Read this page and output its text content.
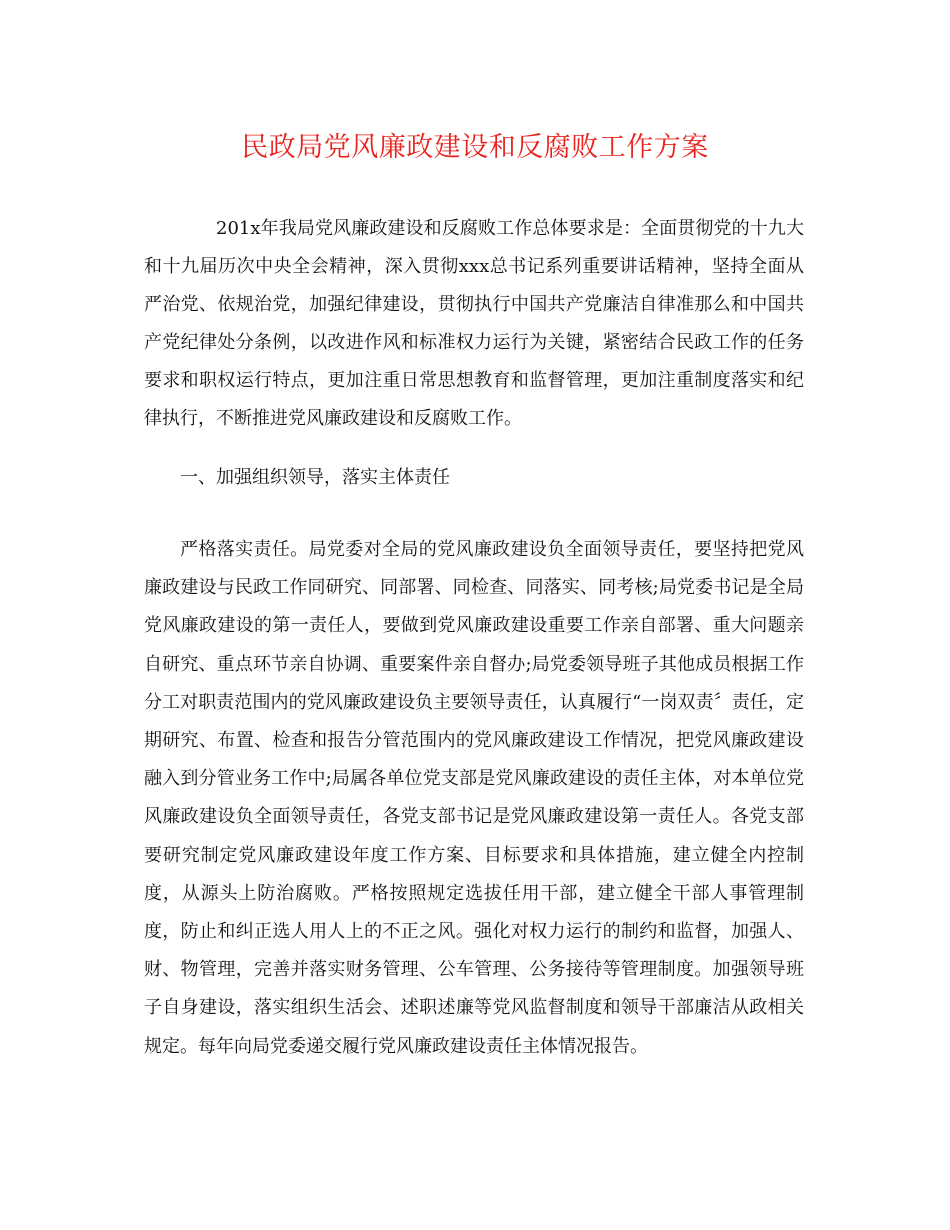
民政局党风廉政建设和反腐败工作方案

201x年我局党风廉政建设和反腐败工作总体要求是：全面贯彻党的十九大和十九届历次中央全会精神，深入贯彻xxx总书记系列重要讲话精神，坚持全面从严治党、依规治党，加强纪律建设，贯彻执行中国共产党廉洁自律准那么和中国共产党纪律处分条例，以改进作风和标准权力运行为关键，紧密结合民政工作的任务要求和职权运行特点，更加注重日常思想教育和监督管理，更加注重制度落实和纪律执行，不断推进党风廉政建设和反腐败工作。

一、加强组织领导，落实主体责任

严格落实责任。局党委对全局的党风廉政建设负全面领导责任，要坚持把党风廉政建设与民政工作同研究、同部署、同检查、同落实、同考核;局党委书记是全局党风廉政建设的第一责任人，要做到党风廉政建设重要工作亲自部署、重大问题亲自研究、重点环节亲自协调、重要案件亲自督办;局党委领导班子其他成员根据工作分工对职责范围内的党风廉政建设负主要领导责任，认真履行“一岗双责〞责任，定期研究、布置、检查和报告分管范围内的党风廉政建设工作情况，把党风廉政建设融入到分管业务工作中;局属各单位党支部是党风廉政建设的责任主体，对本单位党风廉政建设负全面领导责任，各党支部书记是党风廉政建设第一责任人。各党支部要研究制定党风廉政建设年度工作方案、目标要求和具体措施，建立健全内控制度，从源头上防治腐败。严格按照规定选拔任用干部，建立健全干部人事管理制度，防止和纠正选人用人上的不正之风。强化对权力运行的制约和监督，加强人、财、物管理，完善并落实财务管理、公车管理、公务接待等管理制度。加强领导班子自身建设，落实组织生活会、述职述廉等党风监督制度和领导干部廉洁从政相关规定。每年向局党委递交履行党风廉政建设责任主体情况报告。
